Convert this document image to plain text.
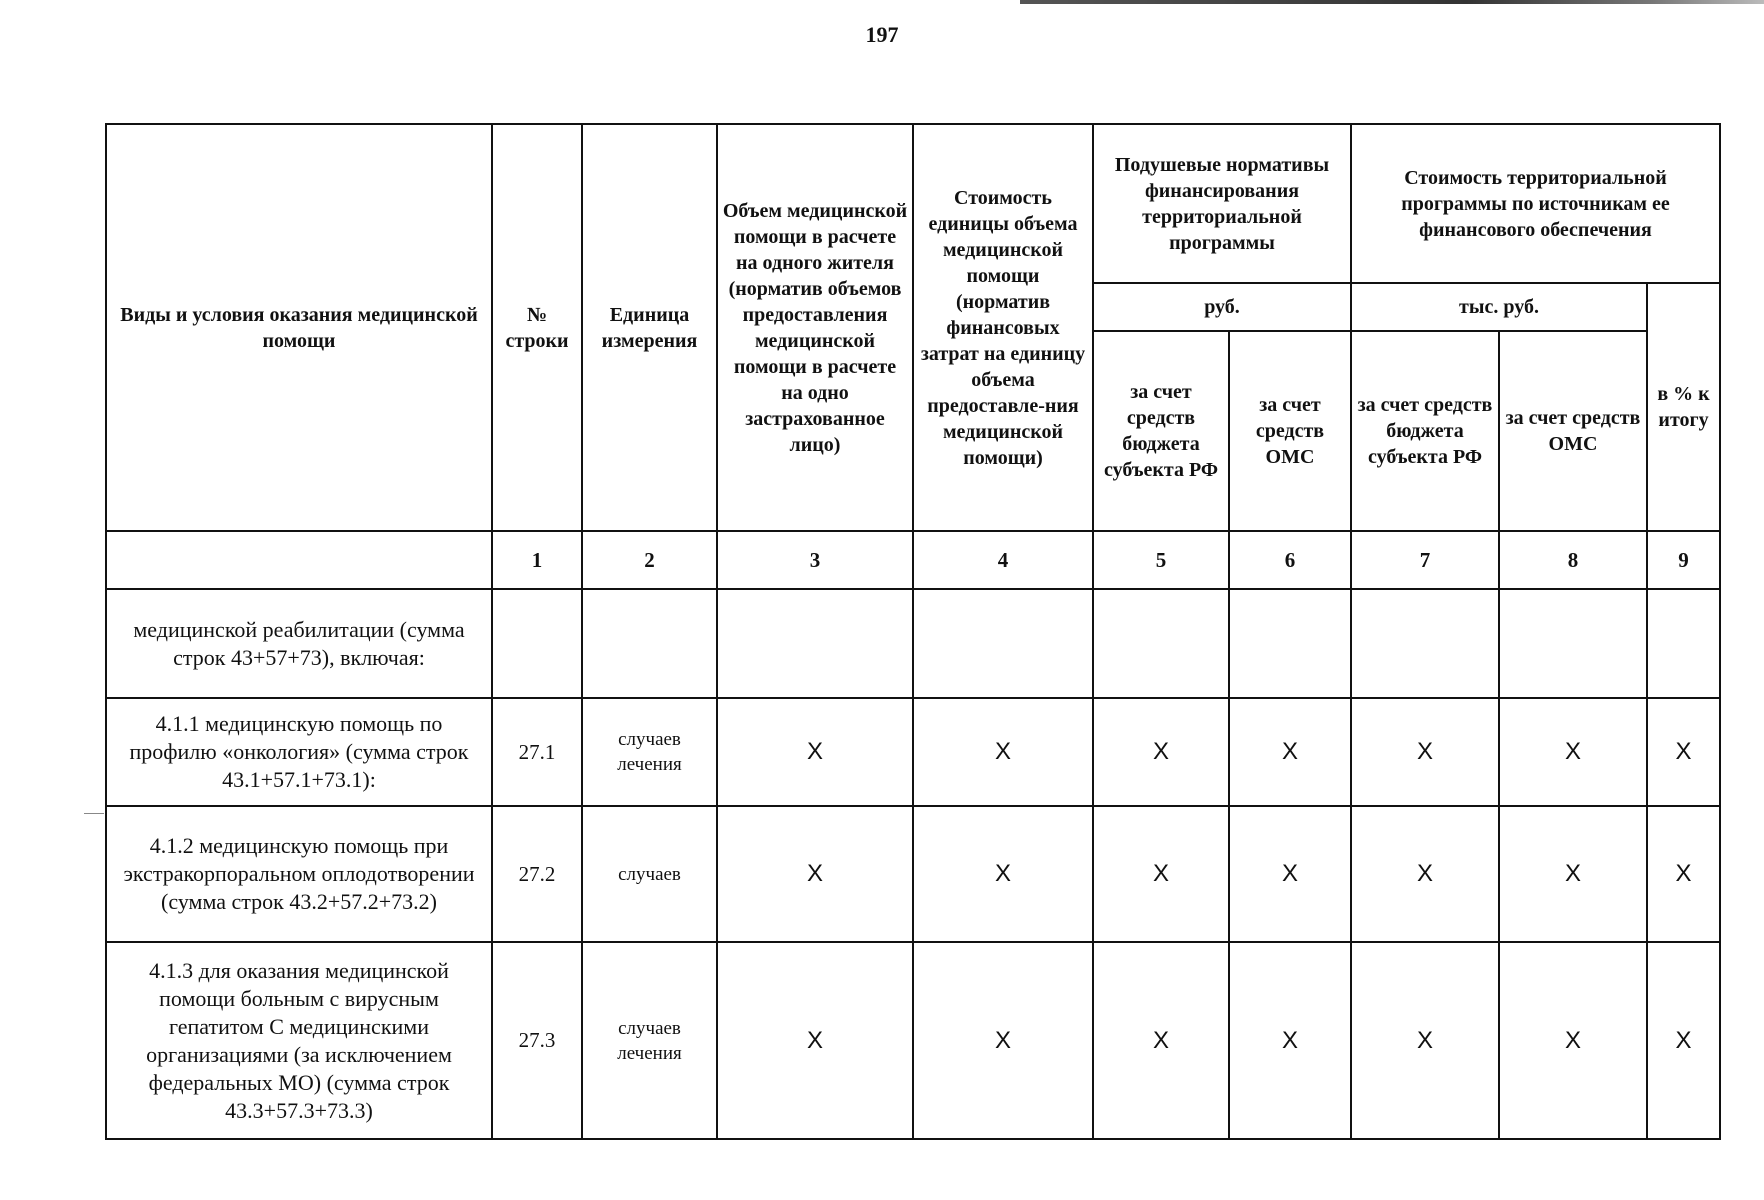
197
Виды и условия оказания медицинской помощи	№ строки	Единица измерения	Объем медицинской помощи в расчете на одного жителя (норматив объемов предоставления медицинской помощи в расчете на одно застрахованное лицо)	Стоимость единицы объема медицинской помощи (норматив финансовых затрат на единицу объема предоставле-ния медицинской помощи)	Подушевые нормативы финансирования территориальной программы		Стоимость территориальной программы по источникам ее финансового обеспечения		
					руб.		тыс. руб.		в % к итогу
					за счет средств бюджета субъекта РФ	за счет средств ОМС	за счет средств бюджета субъекта РФ	за счет средств ОМС	
	1	2	3	4	5	6	7	8	9
медицинской реабилитации (сумма строк 43+57+73), включая:									
4.1.1 медицинскую помощь по профилю «онкология» (сумма строк 43.1+57.1+73.1):	27.1	случаев лечения	Х	Х	Х	Х	Х	Х	Х
4.1.2 медицинскую помощь при экстракорпоральном оплодотворении (сумма строк 43.2+57.2+73.2)	27.2	случаев	Х	Х	Х	Х	Х	Х	Х
4.1.3 для оказания медицинской помощи больным с вирусным гепатитом С медицинскими организациями (за исключением федеральных МО) (сумма строк 43.3+57.3+73.3)	27.3	случаев лечения	Х	Х	Х	Х	Х	Х	Х
